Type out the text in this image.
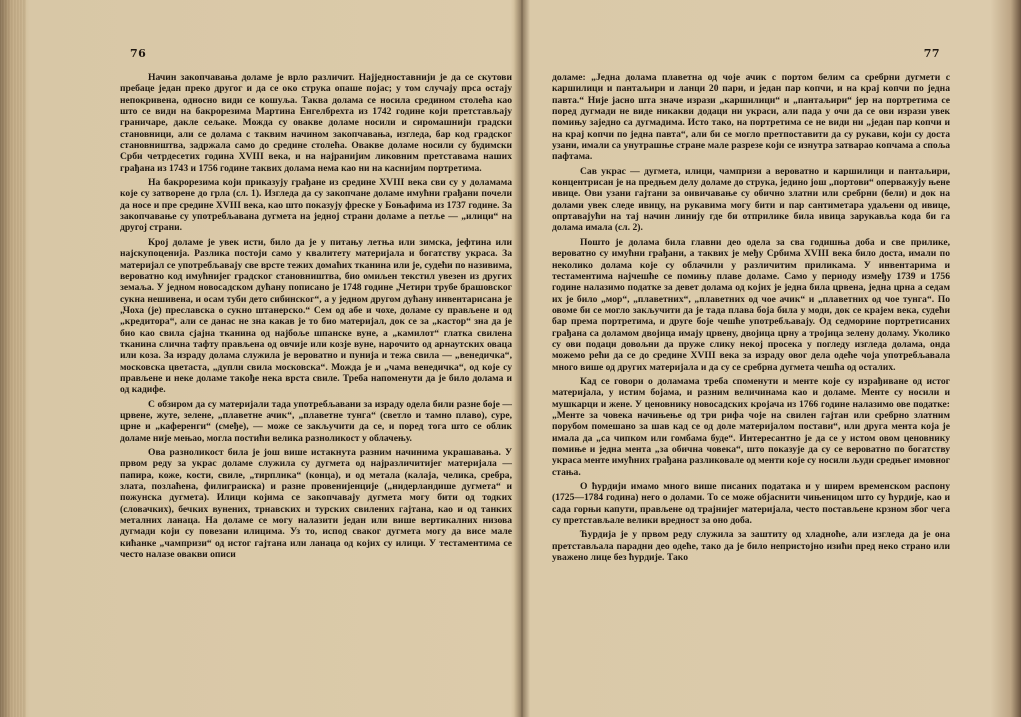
76

Начин закопчавања доламе је врло различит. Најједноставнији је да се скутови пребаце један преко другог и да се око струка опаше појас; у том случају прса остају непокривена, односно види се кошуља. Таква долама се носила средином столећа као што се види на бакрорезима Мартина Енгелбрехта из 1742 године који претстављају граничаре, дакле сељаке. Можда су овакве доламе носили и сиромашнији градски становници, али се долама с таквим начином закопчавања, изгледа, бар код градског становништва, задржала само до средине столећа. Овакве доламе носили су будимски Срби четрдесетих година XVIII века, и на најранијим ликовним претставама наших грађана из 1743 и 1756 године таквих долама нема као ни на каснијим портретима.

На бакрорезима који приказују грађане из средине XVIII века сви су у доламама које су затворене до грла (сл. 1). Изгледа да су закопчане доламе имућни грађани почели да носе и пре средине XVIII века, као што показују фреске у Боњафима из 1737 године. За закопчавање су употребљавана дугмета на једној страни доламе а петље — „илици“ на другој страни.

Крој доламе је увек исти, било да је у питању летња или зимска, јефтина или најскупоценија. Разлика постоји само у квалитету материјала и богатству украса. За материјал се употребљавају све врсте тежих домаћих тканина или је, судећи по називима, вероватно код имућнијег градског становништва, био омиљен текстил увезен из других земаља. У једном новосадском дућану пописано је 1748 године „Четири трубе брашовског сукна нешивена, и осам туби дето сибинског“, а у једном другом дућану инвентарисана је „Чоха (је) преславска о сукно штанерско.“ Сем од абе и чохе, доламе су прављене и од „кредитора“, али се данас не зна какав је то био материјал, док се за „кастор“ зна да је био као свила сјајна тканина од најбоље шпанске вуне, а „камилот“ глатка свилена тканина слична тафту прављена од овчије или козје вуне, нарочито од арнаутских оваца или коза. За израду долама служила је вероватно и пунија и тежа свила — „венедичка“, московска цветаста, „дупли свила московска“. Можда је и „чама венедичка“, од које су прављене и неке доламе такође нека врста свиле. Треба напоменути да је било долама и од кадифе.

С обзиром да су материјали тада употребљавани за израду одела били разне боје — црвене, жуте, зелене, „плаветне ачик“, „плаветне тунга“ (светло и тамно плаво), суре, црне и „каференги“ (смеђе), — може се закључити да се, и поред тога што се облик доламе није мењао, могла постићи велика разноликост у облачењу.

Ова разноликост била је још више истакнута разним начинима украшавања. У првом реду за украс доламе служила су дугмета од најразличитијег материјала — папира, коже, кости, свиле, „тирплика“ (конца), и од метала (калаја, челика, сребра, злата, позлаћена, филиграиска) и разне провенијенције („нидерландише дугмета“ и пожунска дугмета). Илици којима се закопчавају дугмета могу бити од тодких (словачких), бечких вунених, трнавских и турских свилених гајтана, као и од танких металних ланаца. На доламе се могу налазити један или више вертикалних низова дугмади који су повезани илицима. Уз то, испод сваког дугмета могу да висе мале кићанке „чампризи“ од истог гајтана или ланаца од којих су илици. У тестаментима се често налазе овакви описи

77

доламе: „Једна долама плаветна од чоје ачик с портом белим са сребрни дугмети с каршилици и пантаљири и ланци 20 пари, и један пар копчи, и на крај копчи по једна павта.“ Није јасно шта значе изрази „каршилици“ и „пантаљири“ јер на портретима се поред дугмади не виде никакви додаци ни украси, али пада у очи да се ови изрази увек помињу заједно са дугмадима. Исто тако, на портретима се не види ни „један пар копчи и на крај копчи по једна павта“, али би се могло претпоставити да су рукави, који су доста узани, имали са унутрашње стране мале разрезе који се изнутра затварао копчама а споља пафтама.

Сав украс — дугмета, илици, чампризи а вероватно и каршилици и пантаљири, концентрисан је на предњем делу доламе до струка, једино још „портови“ оперважују њене ивице. Ови узани гајтани за оивичавање су обично златни или сребрни (бели) и док на долами увек следе ивицу, на рукавима могу бити и пар сантиметара удаљени од ивице, опртавајући на тај начин линију где би отприлике била ивица зарукавља кода би га долама имала (сл. 2).

Пошто је долама била главни део одела за сва годишња доба и све прилике, вероватно су имућни грађани, а таквих је међу Србима XVIII века било доста, имали по неколико долама које су облачили у различитим приликама. У инвентарима и тестаментима најчешће се помињу плаве доламе. Само у периоду између 1739 и 1756 године налазимо податке за девет долама од којих је једна била црвена, једна црна а седам их је било „мор“, „плаветних“, „плаветних од чое ачик“ и „плаветних од чое тунга“. По овоме би се могло закључити да је тада плава боја била у моди, док се крајем века, судећи бар према портретима, и друге боје чешће употребљавају. Од седмориие портретисаних грађана са доламом двојица имају црвену, двојица црну а тројица зелену доламу. Уколико су ови подаци довољни да пруже слику некој просека у погледу изгледа долама, онда можемо рећи да се до средине XVIII века за израду овог дела одеће чоја употребљавала много више од других материјала и да су се сребрна дугмета чешћа од осталих.

Кад се говори о доламама треба споменути и менте које су израђиване од истог материјала, у истим бојама, и разним величинама као и доламе. Менте су носили и мушкарци и жене. У ценовнику новосадских кројача из 1766 године налазимо ове податке: „Менте за човека начињење од три рифа чоје на свилен гајтан или сребрно златним порубом помешано за шав кад се од доле материјалом постави“, или друга мента која је имала да „са чипком или гомбама буде“. Интересантно је да се у истом овом ценовнику помиње и једна мента „за обична човека“, што показује да су се вероватно по богатству украса менте имућних грађана разликовале од менти које су носили људи средњег имовног стања.

О ћурдији имамо много више писаних података и у ширем временском распону (1725—1784 година) него о долами. То се може објаснити чињеницом што су ћурдије, као и сада горњи капути, прављене од трајнијег материјала, често постављене крзном због чега су претстављале велики вредност за оно доба.

Ћурдија је у првом реду служила за заштиту од хладноће, али изгледа да је она претстављала парадни део одеће, тако да је било непристојно изићи пред неко страно или уважено лице без ћурдије. Тако
